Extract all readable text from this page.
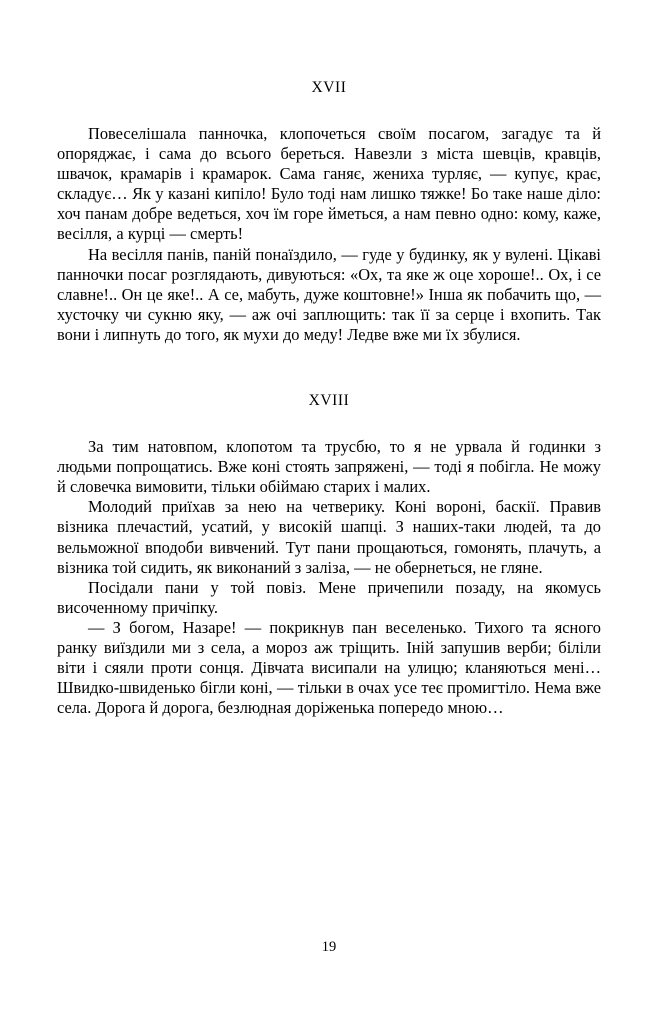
XVII

Повеселішала панночка, клопочеться своїм посагом, загадує та й опоряджає, і сама до всього береться. Навезли з міста шевців, кравців, швачок, крамарів і крамарок. Сама ганяє, жениха турляє, — купує, крає, складує… Як у казані кипіло! Було тоді нам лишко тяжке! Бо таке наше діло: хоч панам добре ведеться, хоч їм горе йметься, а нам певно одно: кому, каже, весілля, а курці — смерть!

На весілля панів, паній понаїздило, — гуде у будинку, як у вулені. Цікаві панночки посаг розглядають, дивуються: «Ох, та яке ж оце хороше!.. Ох, і се славне!.. Он це яке!.. А се, мабуть, дуже коштовне!» Інша як побачить що, — хусточку чи сукню яку, — аж очі заплющить: так її за серце і вхопить. Так вони і липнуть до того, як мухи до меду! Ледве вже ми їх збулися.

XVIII

За тим натовпом, клопотом та трусбю, то я не урвала й годинки з людьми попрощатись. Вже коні стоять запряжені, — тоді я побігла. Не можу й словечка вимовити, тільки обіймаю старих і малих.

Молодий приїхав за нею на четверику. Коні вороні, баскії. Правив візника плечастий, усатий, у високій шапці. З наших-таки людей, та до вельможної вподоби вивчений. Тут пани прощаються, гомонять, плачуть, а візника той сидить, як виконаний з заліза, — не обернеться, не гляне.

Посідали пани у той повіз. Мене причепили позаду, на якомусь височенному причіпку.

— З богом, Назаре! — покрикнув пан веселенько. Тихого та ясного ранку виїздили ми з села, а мороз аж тріщить. Іній запушив верби; біліли віти і сяяли проти сонця. Дівчата висипали на улицю; кланяються мені… Швидко-швиденько бігли коні, — тільки в очах усе теє промигтіло. Нема вже села. Дорога й дорога, безлюдная доріженька попередо мною…

19
